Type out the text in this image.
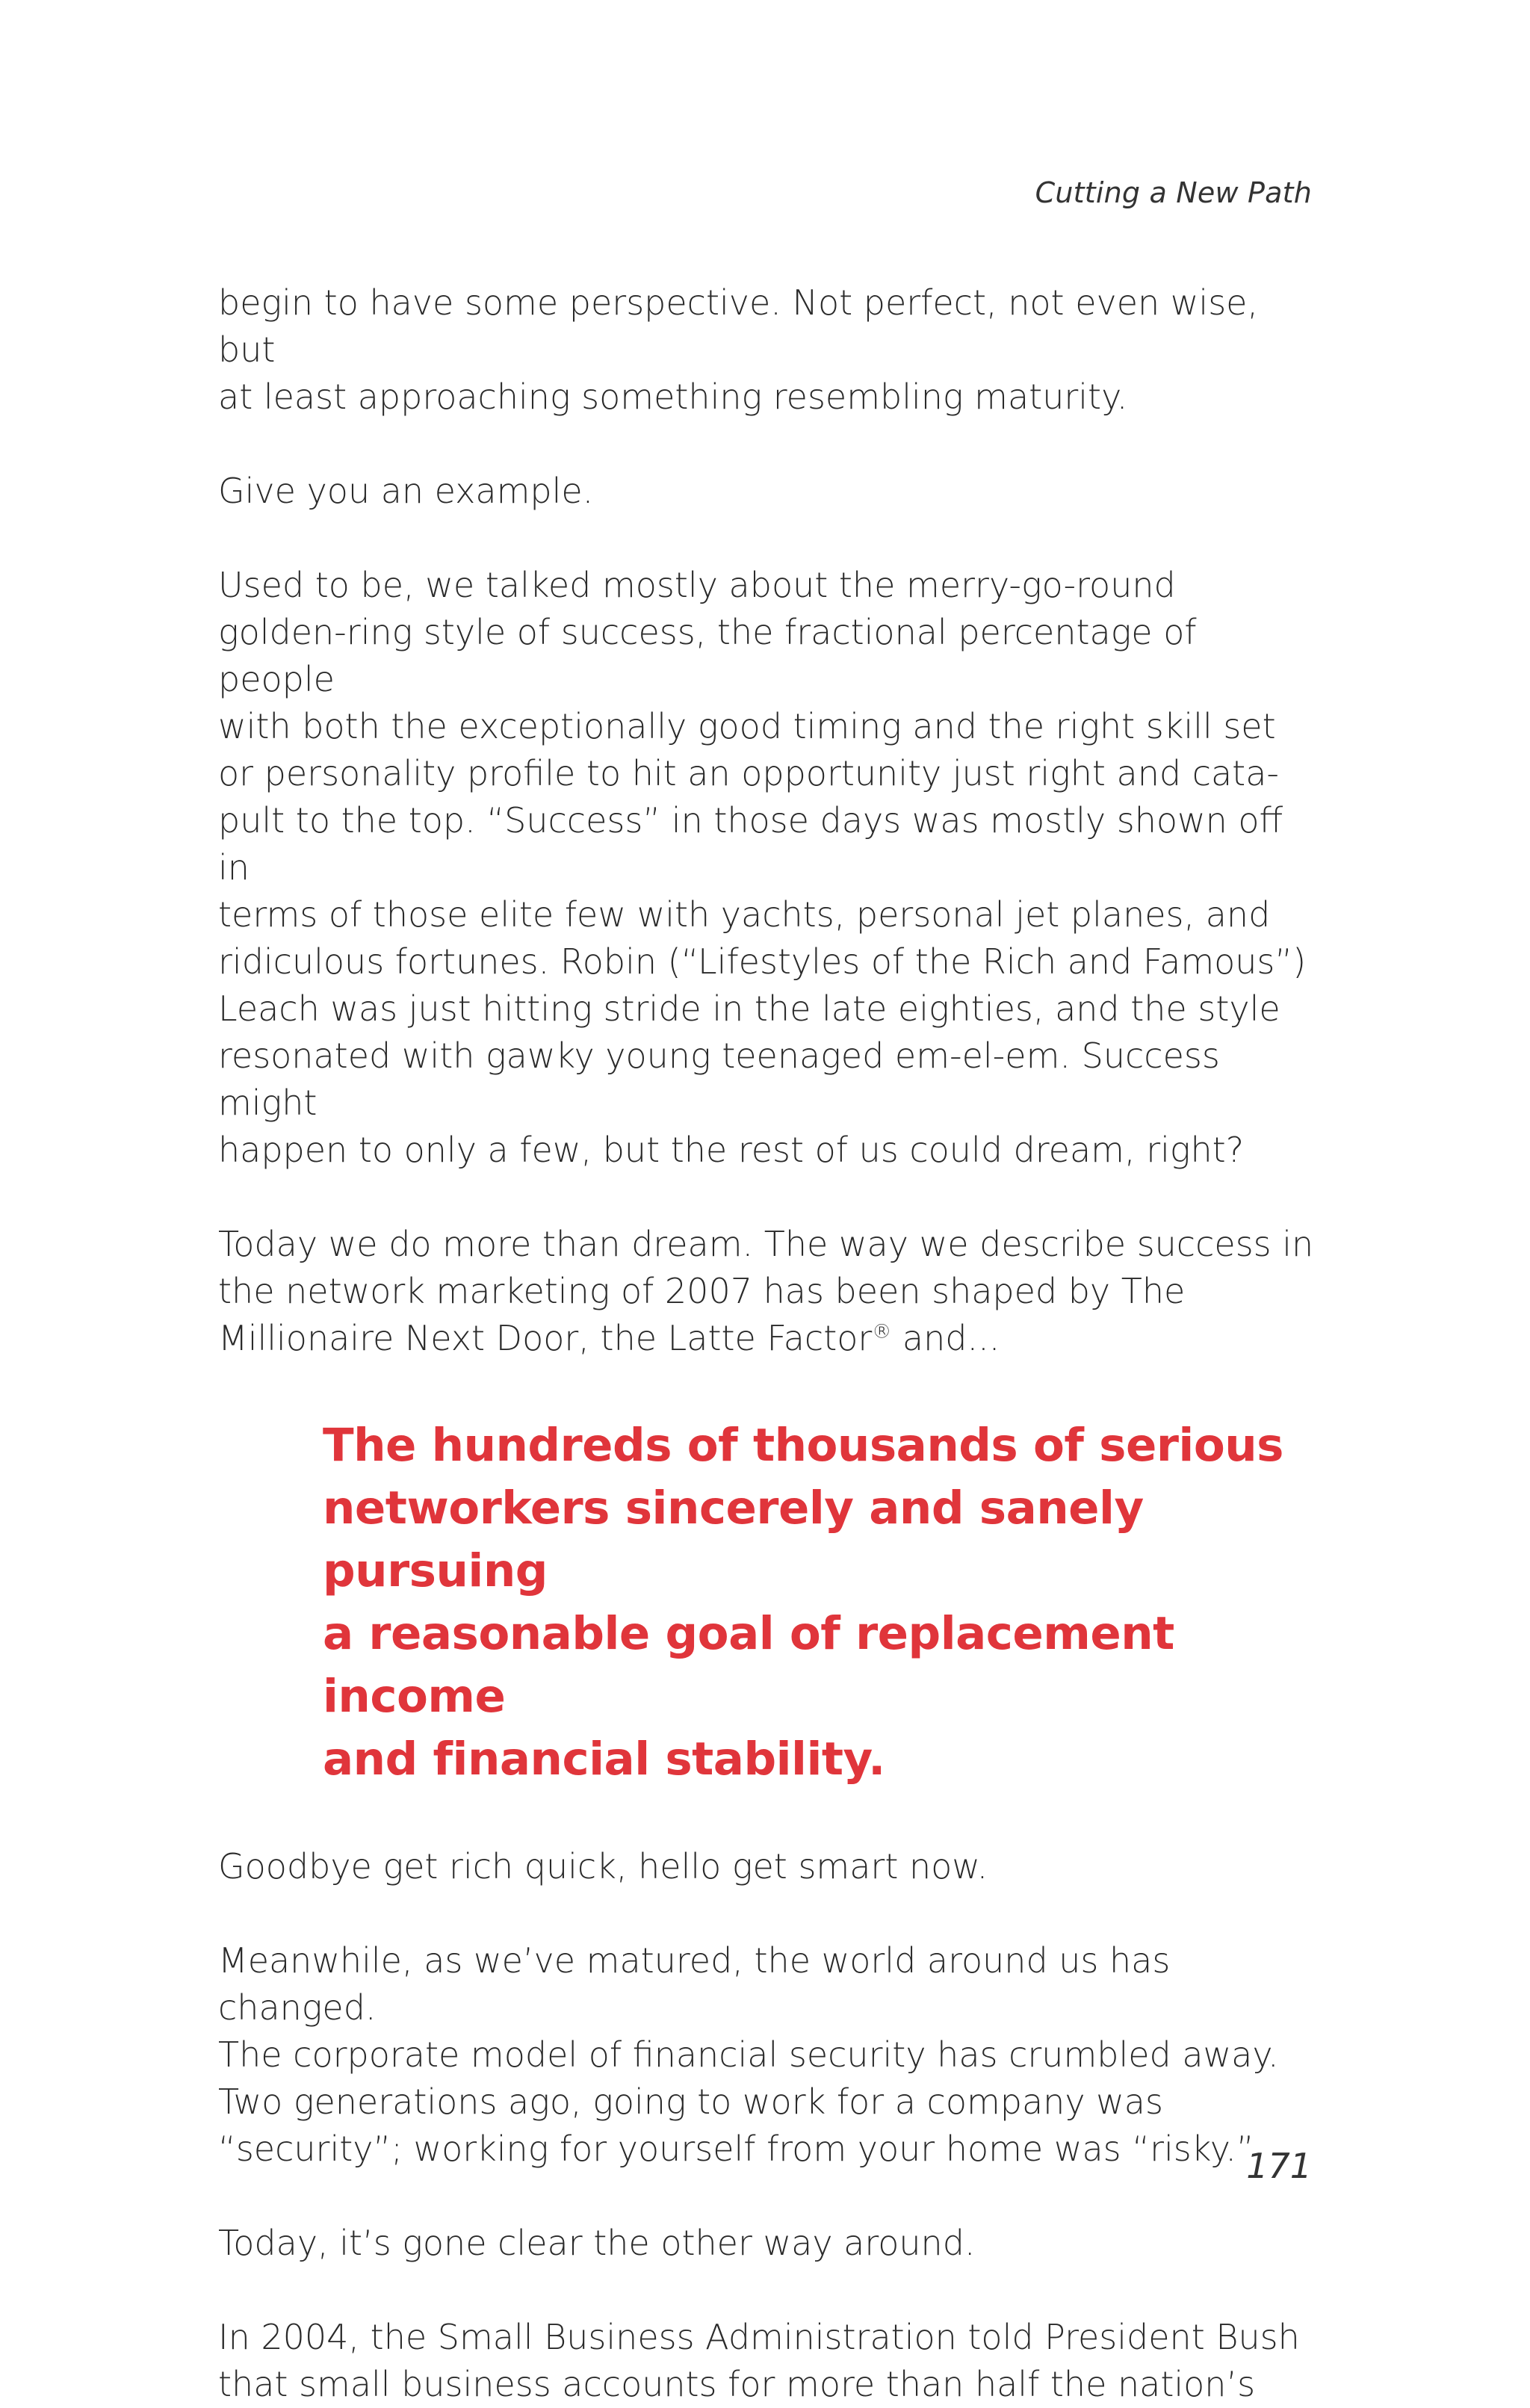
Cutting a New Path

begin to have some perspective. Not perfect, not even wise, but
at least approaching something resembling maturity.

Give you an example.

Used to be, we talked mostly about the merry-go-round
golden-ring style of success, the fractional percentage of people
with both the exceptionally good timing and the right skill set
or personality profile to hit an opportunity just right and cata-
pult to the top. “Success” in those days was mostly shown off in
terms of those elite few with yachts, personal jet planes, and
ridiculous fortunes. Robin (“Lifestyles of the Rich and Famous”)
Leach was just hitting stride in the late eighties, and the style
resonated with gawky young teenaged em-el-em. Success might
happen to only a few, but the rest of us could dream, right?

Today we do more than dream. The way we describe success in
the network marketing of 2007 has been shaped by The
Millionaire Next Door, the Latte Factor® and...

The hundreds of thousands of serious
networkers sincerely and sanely pursuing
a reasonable goal of replacement income
and financial stability.

Goodbye get rich quick, hello get smart now.

Meanwhile, as we’ve matured, the world around us has changed.
The corporate model of financial security has crumbled away.
Two generations ago, going to work for a company was
“security”; working for yourself from your home was “risky.”

Today, it’s gone clear the other way around.

In 2004, the Small Business Administration told President Bush
that small business accounts for more than half the nation’s

171
